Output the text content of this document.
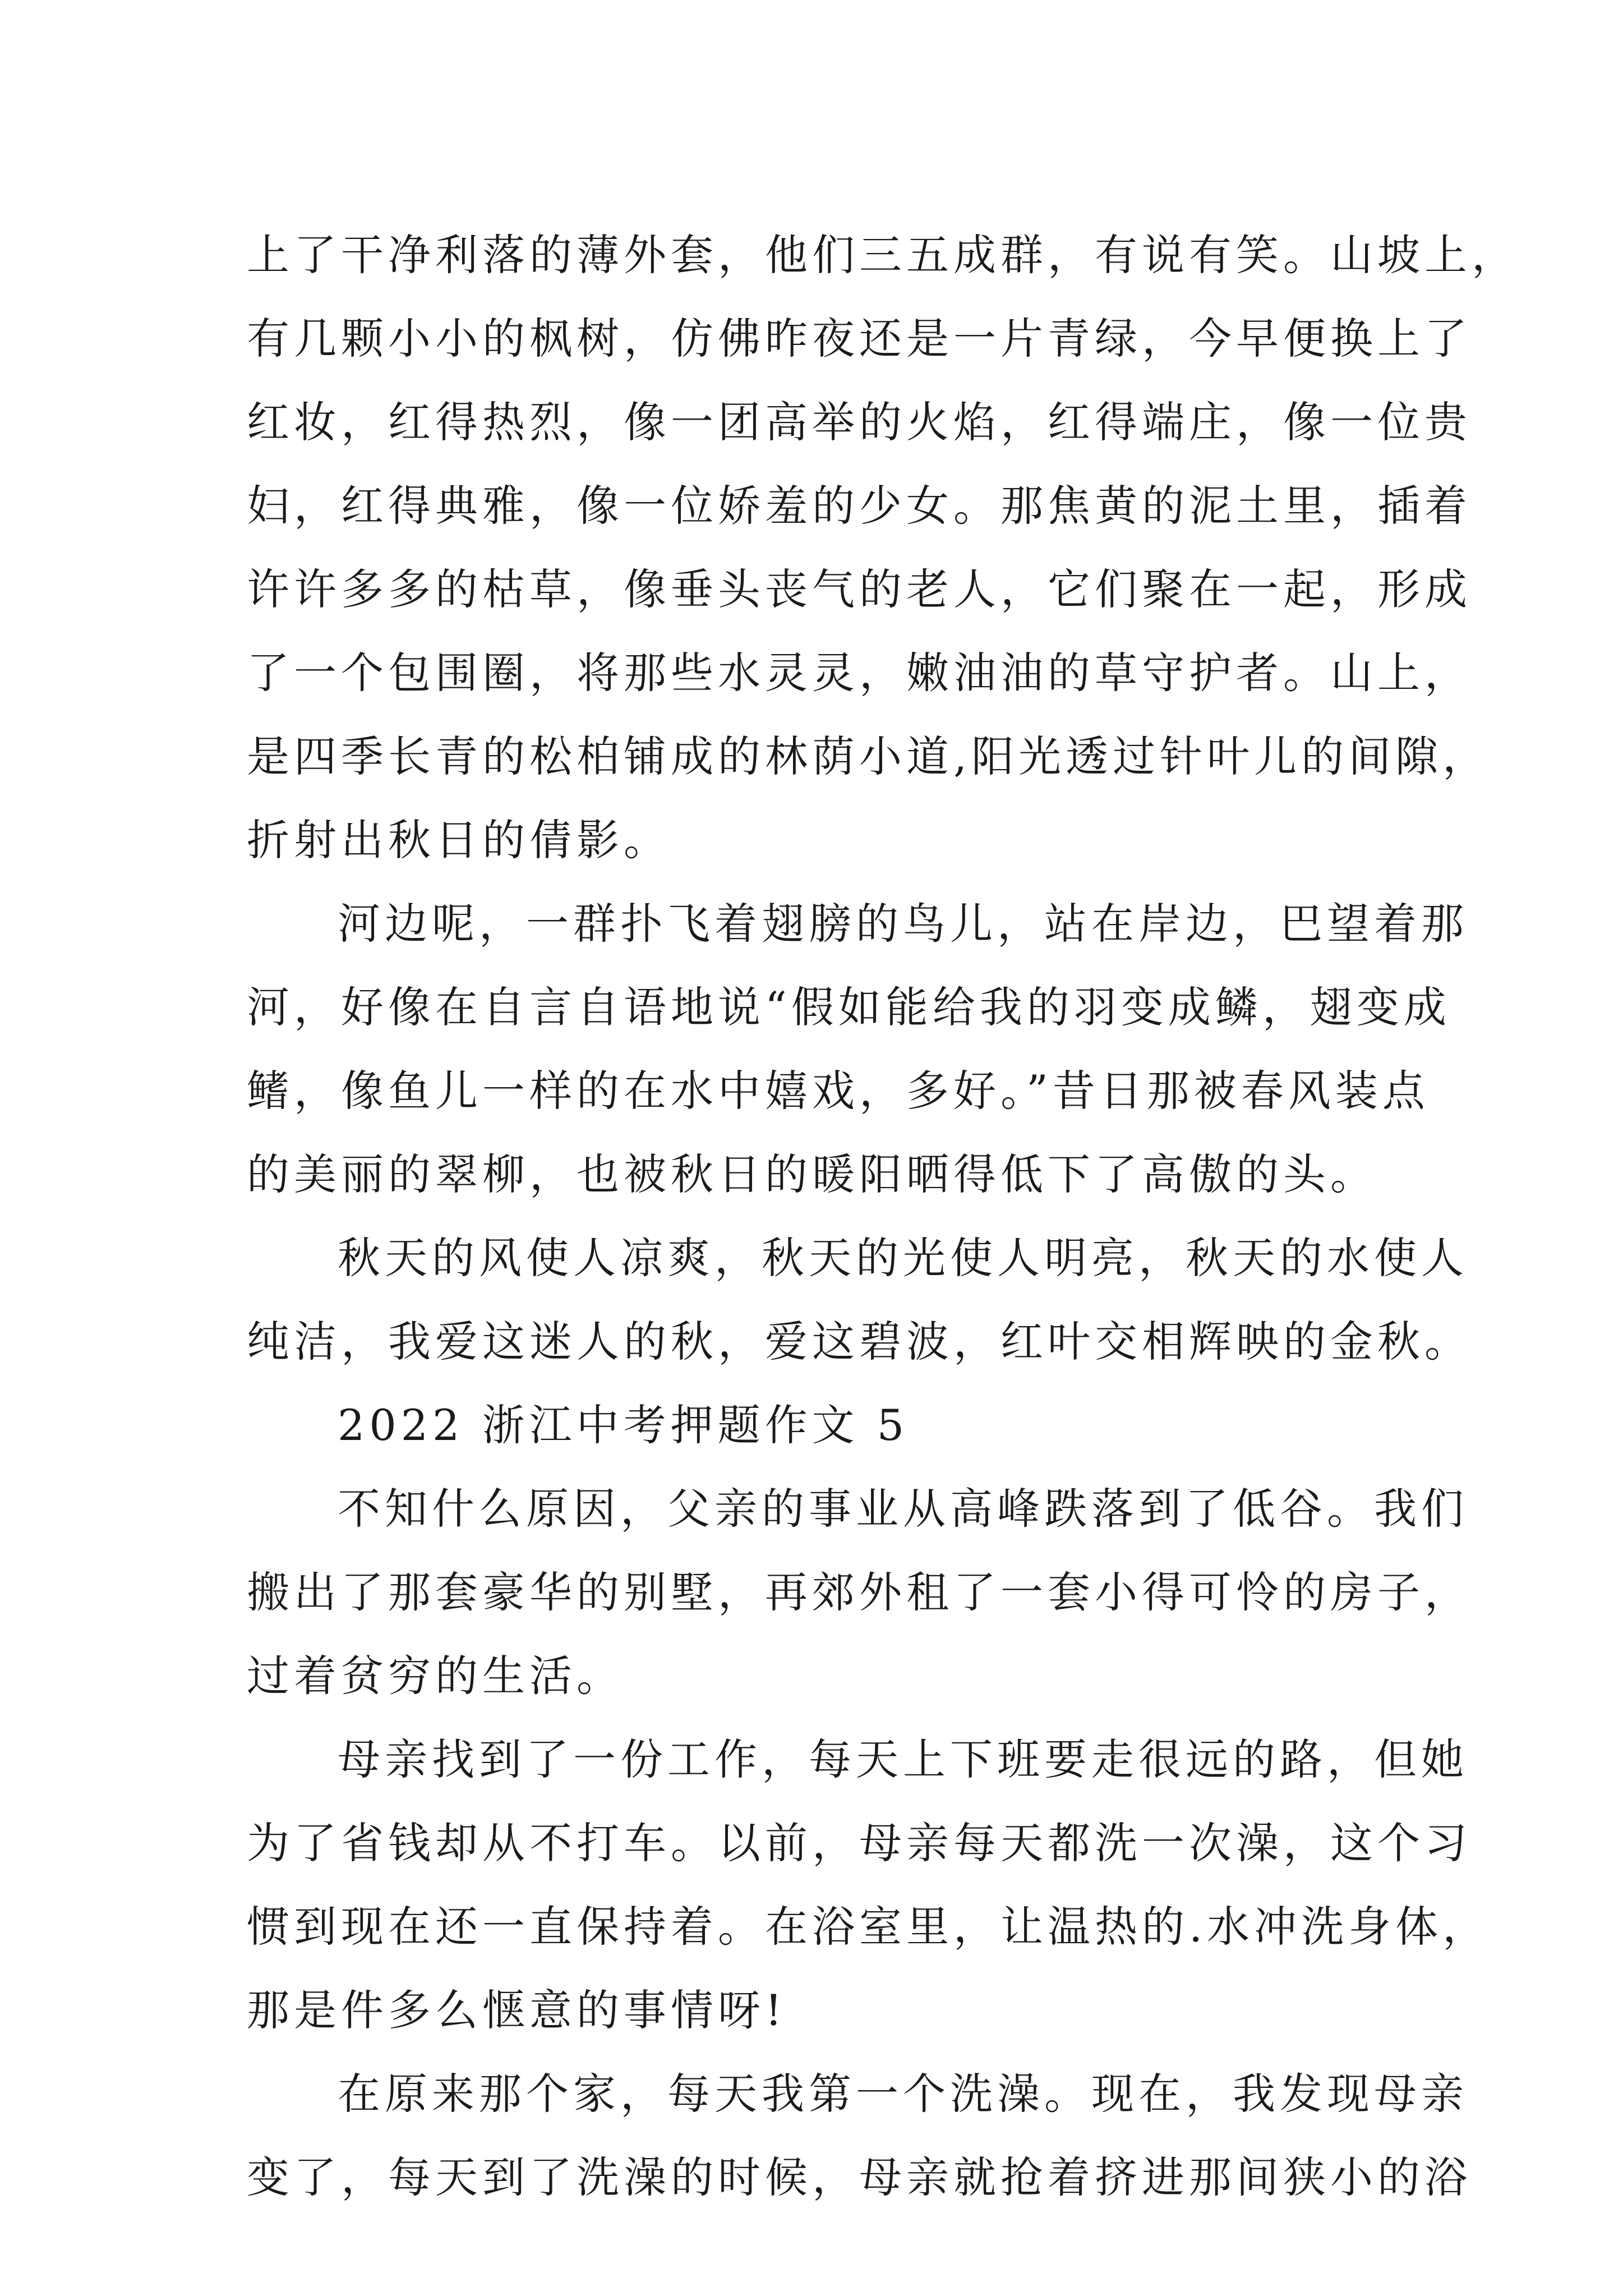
上了干净利落的薄外套，他们三五成群，有说有笑。山坡上，
有几颗小小的枫树，仿佛昨夜还是一片青绿，今早便换上了
红妆，红得热烈，像一团高举的火焰，红得端庄，像一位贵
妇，红得典雅，像一位娇羞的少女。那焦黄的泥土里，插着
许许多多的枯草，像垂头丧气的老人，它们聚在一起，形成
了一个包围圈，将那些水灵灵，嫩油油的草守护者。山上，
是四季长青的松柏铺成的林荫小道,阳光透过针叶儿的间隙，
折射出秋日的倩影。
河边呢，一群扑飞着翅膀的鸟儿，站在岸边，巴望着那
河，好像在自言自语地说“假如能给我的羽变成鳞，翅变成
鳍，像鱼儿一样的在水中嬉戏，多好。”昔日那被春风装点
的美丽的翠柳，也被秋日的暖阳晒得低下了高傲的头。
秋天的风使人凉爽，秋天的光使人明亮，秋天的水使人
纯洁，我爱这迷人的秋，爱这碧波，红叶交相辉映的金秋。
2022 浙江中考押题作文 5
不知什么原因，父亲的事业从高峰跌落到了低谷。我们
搬出了那套豪华的别墅，再郊外租了一套小得可怜的房子，
过着贫穷的生活。
母亲找到了一份工作，每天上下班要走很远的路，但她
为了省钱却从不打车。以前，母亲每天都洗一次澡，这个习
惯到现在还一直保持着。在浴室里，让温热的.水冲洗身体，
那是件多么惬意的事情呀!
在原来那个家，每天我第一个洗澡。现在，我发现母亲
变了，每天到了洗澡的时候，母亲就抢着挤进那间狭小的浴
